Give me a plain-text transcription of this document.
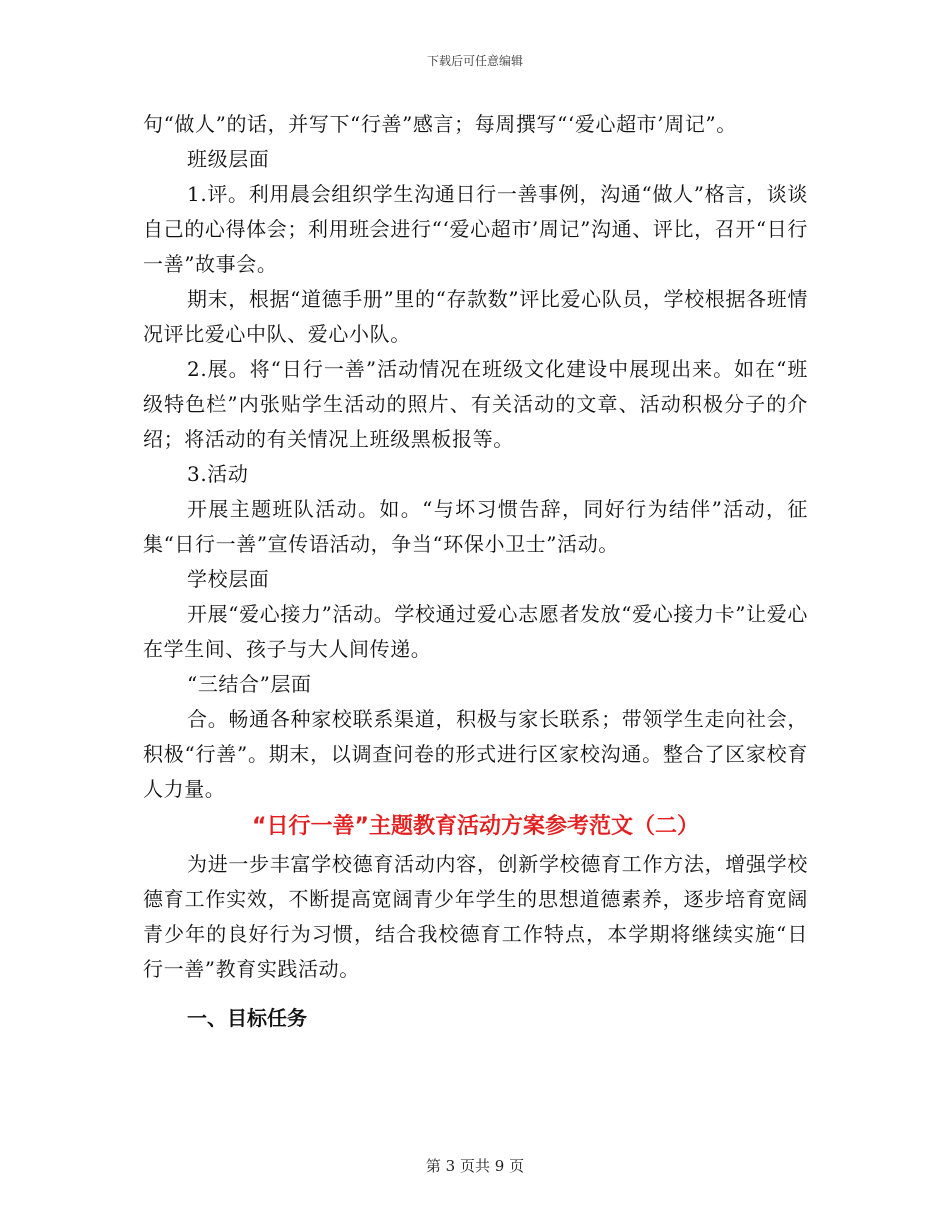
下载后可任意编辑

句“做人”的话，并写下“行善”感言；每周撰写“‘爱心超市’周记”。

班级层面

1.评。利用晨会组织学生沟通日行一善事例，沟通“做人”格言，谈谈自己的心得体会；利用班会进行“‘爱心超市’周记”沟通、评比，召开“日行一善”故事会。

期末，根据“道德手册”里的“存款数”评比爱心队员，学校根据各班情况评比爱心中队、爱心小队。

2.展。将“日行一善”活动情况在班级文化建设中展现出来。如在“班级特色栏”内张贴学生活动的照片、有关活动的文章、活动积极分子的介绍；将活动的有关情况上班级黑板报等。

3.活动

开展主题班队活动。如。“与坏习惯告辞，同好行为结伴”活动，征集“日行一善”宣传语活动，争当“环保小卫士”活动。

学校层面

开展“爱心接力”活动。学校通过爱心志愿者发放“爱心接力卡”让爱心在学生间、孩子与大人间传递。

“三结合”层面

合。畅通各种家校联系渠道，积极与家长联系；带领学生走向社会，积极“行善”。期末，以调查问卷的形式进行区家校沟通。整合了区家校育人力量。

“日行一善”主题教育活动方案参考范文（二）

为进一步丰富学校德育活动内容，创新学校德育工作方法，增强学校德育工作实效，不断提高宽阔青少年学生的思想道德素养，逐步培育宽阔青少年的良好行为习惯，结合我校德育工作特点，本学期将继续实施“日行一善”教育实践活动。

一、目标任务

第 3 页共 9 页
